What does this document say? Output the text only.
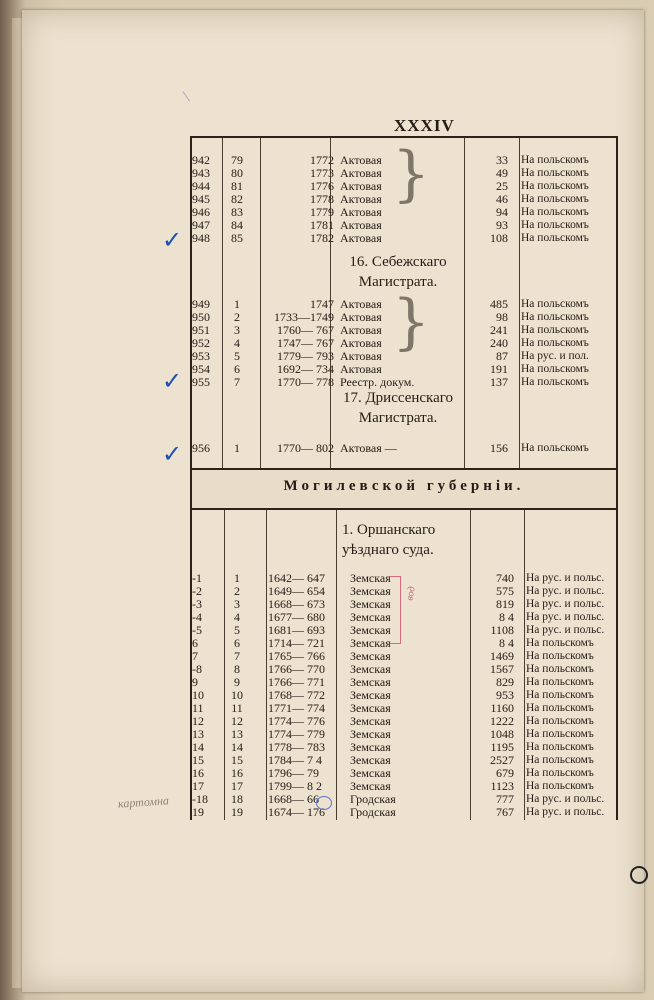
XXXIV
✓
✓
✓
картомна
942	79	1772 Актовая	33 На польскомъ
943	80	1773 Актовая	49 На польскомъ
944	81	1776 Актовая	25 На польскомъ
945	82	1778 Актовая	46 На польскомъ
946	83	1779 Актовая	94 На польскомъ
947	84	1781 Актовая	93 На польскомъ
948	85	1782 Актовая	108 На польскомъ
16. Себежскаго
Магистрата.
949	1	1747 Актовая	485 На польскомъ
950	2	1733—1749 Актовая	98 На польскомъ
951	3	1760— 767 Актовая	241 На польскомъ
952	4	1747— 767 Актовая	240 На польскомъ
953	5	1779— 793 Актовая	87 На рус. и пол.
954	6	1692— 734 Актовая	191 На польскомъ
955	7	1770— 778 Реестр. докум.	137 На польскомъ
17. Дриссенскаго
Магистрата.
956	1	1770— 802 Актовая —	156 На польскомъ
Могилевской губерніи.
1. Оршанскаго
уѣзднаго суда.
-1	1	1642— 647	Земская	740 На рус. и польс.
-2	2	1649— 654	Земская	575 На рус. и польс.
-3	3	1668— 673	Земская	819 На рус. и польс.
-4	4	1677— 680	Земская	8 4 На рус. и польс.
-5	5	1681— 693	Земская	1108 На рус. и польс.
6	6	1714— 721	Земская	8 4 На польскомъ
7	7	1765— 766	Земская	1469 На польскомъ
-8	8	1766— 770	Земская	1567 На польскомъ
9	9	1766— 771	Земская	829 На польскомъ
10	10	1768— 772	Земская	953 На польскомъ
11	11	1771— 774	Земская	1160 На польскомъ
12	12	1774— 776	Земская	1222 На польскомъ
13	13	1774— 779	Земская	1048 На польскомъ
14	14	1778— 783	Земская	1195 На польскомъ
15	15	1784— 7 4	Земская	2527 На польскомъ
16	16	1796— 79	Земская	679 На польскомъ
17	17	1799— 8 2	Земская	1123 На польскомъ
-18	18	1668— 66	Гродская	777 На рус. и польс.
19	19	1674— 176	Гродская	767 На рус. и польс.
}
}
вод
